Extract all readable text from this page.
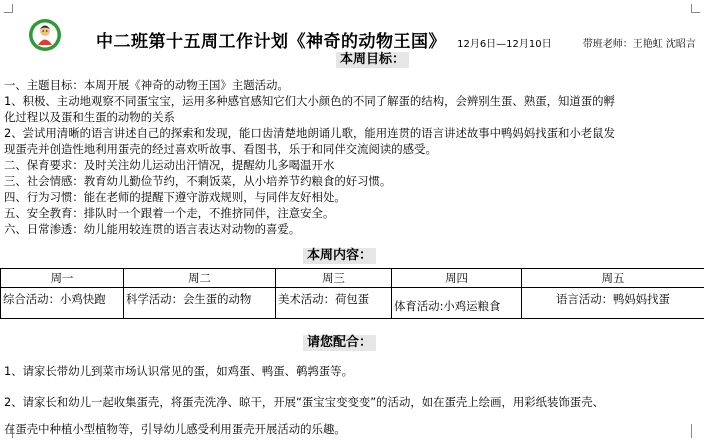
中二班第十五周工作计划《神奇的动物王国》 12月6日—12月10日	带班老师：王艳虹 沈昭言
本周目标：
一、主题目标：本周开展《神奇的动物王国》主题活动。
1、积极、主动地观察不同蛋宝宝，运用多种感官感知它们大小颜色的不同了解蛋的结构，会辨别生蛋、熟蛋，知道蛋的孵
化过程以及蛋和生蛋的动物的关系
2、尝试用清晰的语言讲述自己的探索和发现，能口齿清楚地朗诵儿歌，能用连贯的语言讲述故事中鸭妈妈找蛋和小老鼠发
现蛋壳并创造性地利用蛋壳的经过喜欢听故事、看图书，乐于和同伴交流阅读的感受。
二、保育要求：及时关注幼儿运动出汗情况，提醒幼儿多喝温开水
三、社会情感：教育幼儿勤俭节约，不剩饭菜，从小培养节约粮食的好习惯。
四、行为习惯：能在老师的提醒下遵守游戏规则，与同伴友好相处。
五、安全教育：排队时一个跟着一个走，不推挤同伴，注意安全。
六、日常渗透：幼儿能用较连贯的语言表达对动物的喜爱。
本周内容：
周一	周二	周三	周四	周五

综合活动：小鸡快跑	科学活动：会生蛋的动物	美术活动：荷包蛋	体育活动:小鸡运粮食	语言活动：鸭妈妈找蛋
请您配合：
1、请家长带幼儿到菜市场认识常见的蛋，如鸡蛋、鸭蛋、鹌鹑蛋等。
2、请家长和幼儿一起收集蛋壳，将蛋壳洗净、晾干，开展“蛋宝宝变变变”的活动，如在蛋壳上绘画，用彩纸装饰蛋壳、
在蛋壳中种植小型植物等，引导幼儿感受利用蛋壳开展活动的乐趣。
